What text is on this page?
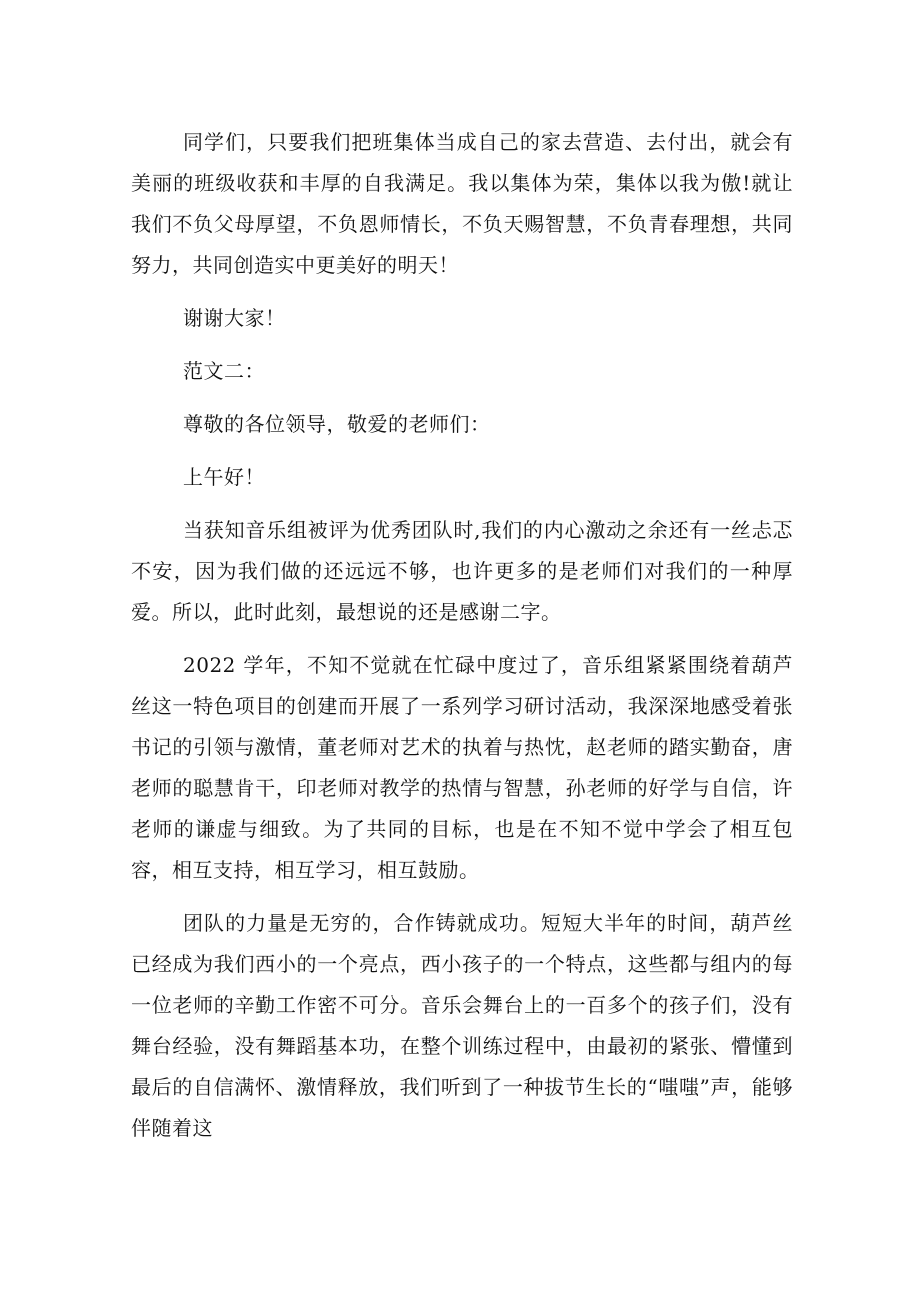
同学们，只要我们把班集体当成自己的家去营造、去付出，就会有美丽的班级收获和丰厚的自我满足。我以集体为荣，集体以我为傲!就让我们不负父母厚望，不负恩师情长，不负天赐智慧，不负青春理想，共同努力，共同创造实中更美好的明天！

谢谢大家！

范文二：

尊敬的各位领导，敬爱的老师们：

上午好！

当获知音乐组被评为优秀团队时,我们的内心激动之余还有一丝忐忑不安，因为我们做的还远远不够，也许更多的是老师们对我们的一种厚爱。所以，此时此刻，最想说的还是感谢二字。

2022 学年，不知不觉就在忙碌中度过了，音乐组紧紧围绕着葫芦丝这一特色项目的创建而开展了一系列学习研讨活动，我深深地感受着张书记的引领与激情，董老师对艺术的执着与热忱，赵老师的踏实勤奋，唐老师的聪慧肯干，印老师对教学的热情与智慧，孙老师的好学与自信，许老师的谦虚与细致。为了共同的目标，也是在不知不觉中学会了相互包容，相互支持，相互学习，相互鼓励。

团队的力量是无穷的，合作铸就成功。短短大半年的时间，葫芦丝已经成为我们西小的一个亮点，西小孩子的一个特点，这些都与组内的每一位老师的辛勤工作密不可分。音乐会舞台上的一百多个的孩子们，没有舞台经验，没有舞蹈基本功，在整个训练过程中，由最初的紧张、懵懂到最后的自信满怀、激情释放，我们听到了一种拔节生长的“嗤嗤”声，能够伴随着这
